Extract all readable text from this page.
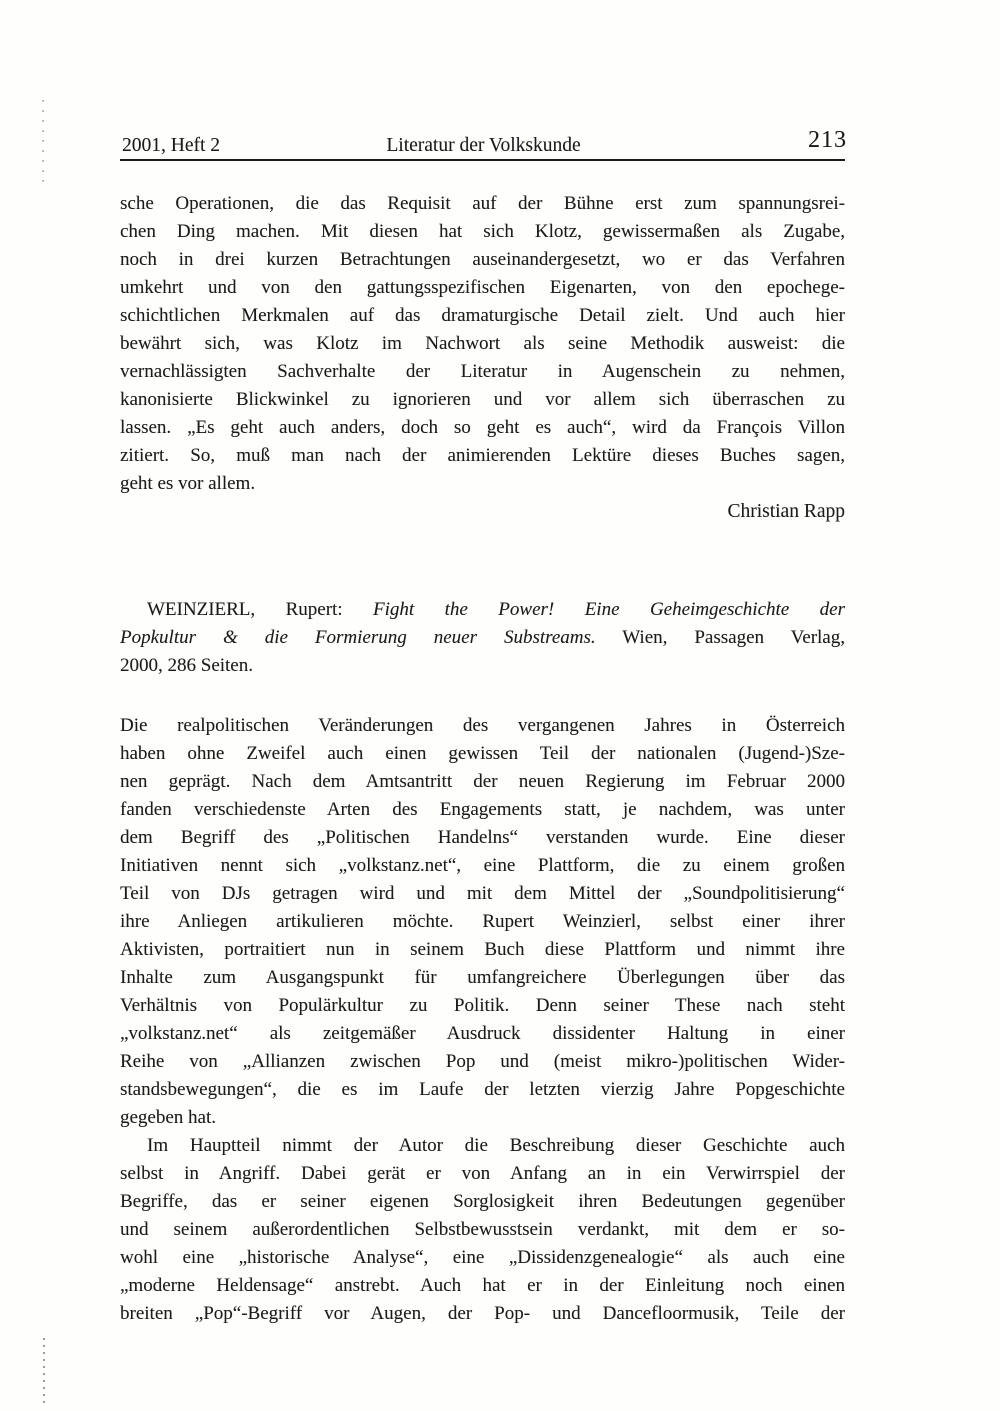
2001, Heft 2	Literatur der Volkskunde	213
sche Operationen, die das Requisit auf der Bühne erst zum spannungsrei-
chen Ding machen. Mit diesen hat sich Klotz, gewissermaßen als Zugabe,
noch in drei kurzen Betrachtungen auseinandergesetzt, wo er das Verfahren
umkehrt und von den gattungsspezifischen Eigenarten, von den epochege-
schichtlichen Merkmalen auf das dramaturgische Detail zielt. Und auch hier
bewährt sich, was Klotz im Nachwort als seine Methodik ausweist: die
vernachlässigten Sachverhalte der Literatur in Augenschein zu nehmen,
kanonisierte Blickwinkel zu ignorieren und vor allem sich überraschen zu
lassen. „Es geht auch anders, doch so geht es auch“, wird da François Villon
zitiert. So, muß man nach der animierenden Lektüre dieses Buches sagen,
geht es vor allem.
Christian Rapp
WEINZIERL, Rupert: Fight the Power! Eine Geheimgeschichte der
Popkultur & die Formierung neuer Substreams. Wien, Passagen Verlag,
2000, 286 Seiten.
Die realpolitischen Veränderungen des vergangenen Jahres in Österreich
haben ohne Zweifel auch einen gewissen Teil der nationalen (Jugend-)Sze-
nen geprägt. Nach dem Amtsantritt der neuen Regierung im Februar 2000
fanden verschiedenste Arten des Engagements statt, je nachdem, was unter
dem Begriff des „Politischen Handelns“ verstanden wurde. Eine dieser
Initiativen nennt sich „volkstanz.net“, eine Plattform, die zu einem großen
Teil von DJs getragen wird und mit dem Mittel der „Soundpolitisierung“
ihre Anliegen artikulieren möchte. Rupert Weinzierl, selbst einer ihrer
Aktivisten, portraitiert nun in seinem Buch diese Plattform und nimmt ihre
Inhalte zum Ausgangspunkt für umfangreichere Überlegungen über das
Verhältnis von Populärkultur zu Politik. Denn seiner These nach steht
„volkstanz.net“ als zeitgemäßer Ausdruck dissidenter Haltung in einer
Reihe von „Allianzen zwischen Pop und (meist mikro-)politischen Wider-
standsbewegungen“, die es im Laufe der letzten vierzig Jahre Popgeschichte
gegeben hat.
Im Hauptteil nimmt der Autor die Beschreibung dieser Geschichte auch
selbst in Angriff. Dabei gerät er von Anfang an in ein Verwirrspiel der
Begriffe, das er seiner eigenen Sorglosigkeit ihren Bedeutungen gegenüber
und seinem außerordentlichen Selbstbewusstsein verdankt, mit dem er so-
wohl eine „historische Analyse“, eine „Dissidenzgenealogie“ als auch eine
„moderne Heldensage“ anstrebt. Auch hat er in der Einleitung noch einen
breiten „Pop“-Begriff vor Augen, der Pop- und Dancefloormusik, Teile der
